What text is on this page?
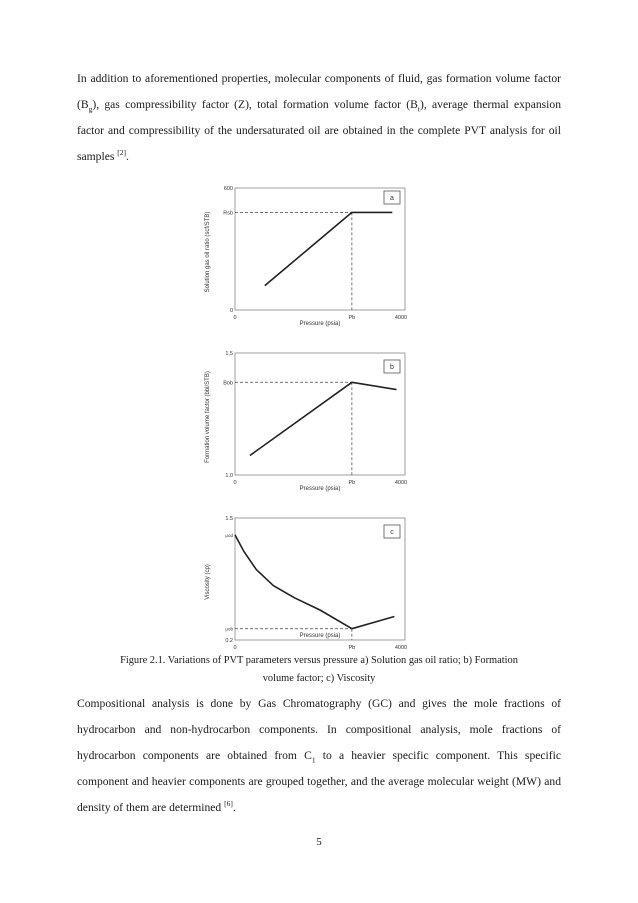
In addition to aforementioned properties, molecular components of fluid, gas formation volume factor $(B_g)$, gas compressibility factor (Z), total formation volume factor $(B_t)$, average thermal expansion factor and compressibility of the undersaturated oil are obtained in the complete PVT analysis for oil samples [2].

Solution gas oil ratio (scf/STB)
600
Rsb
0
0	Pb	4000
Pressure (psia)
a
Formation volume factor (bbl/STB)
1.5
Bob
1.0
0	Pb	4000
Pressure (psia)
b
Viscosity (cp)
1.5
μod
μob
0.2
0	Pb	4000
Pressure (psia)
c
Figure 2.1. Variations of PVT parameters versus pressure a) Solution gas oil ratio; b) Formation
volume factor; c) Viscosity

Compositional analysis is done by Gas Chromatography (GC) and gives the mole fractions of hydrocarbon and non-hydrocarbon components. In compositional analysis, mole fractions of hydrocarbon components are obtained from $C_1$ to a heavier specific component. This specific component and heavier components are grouped together, and the average molecular weight (MW) and density of them are determined [6].

5
